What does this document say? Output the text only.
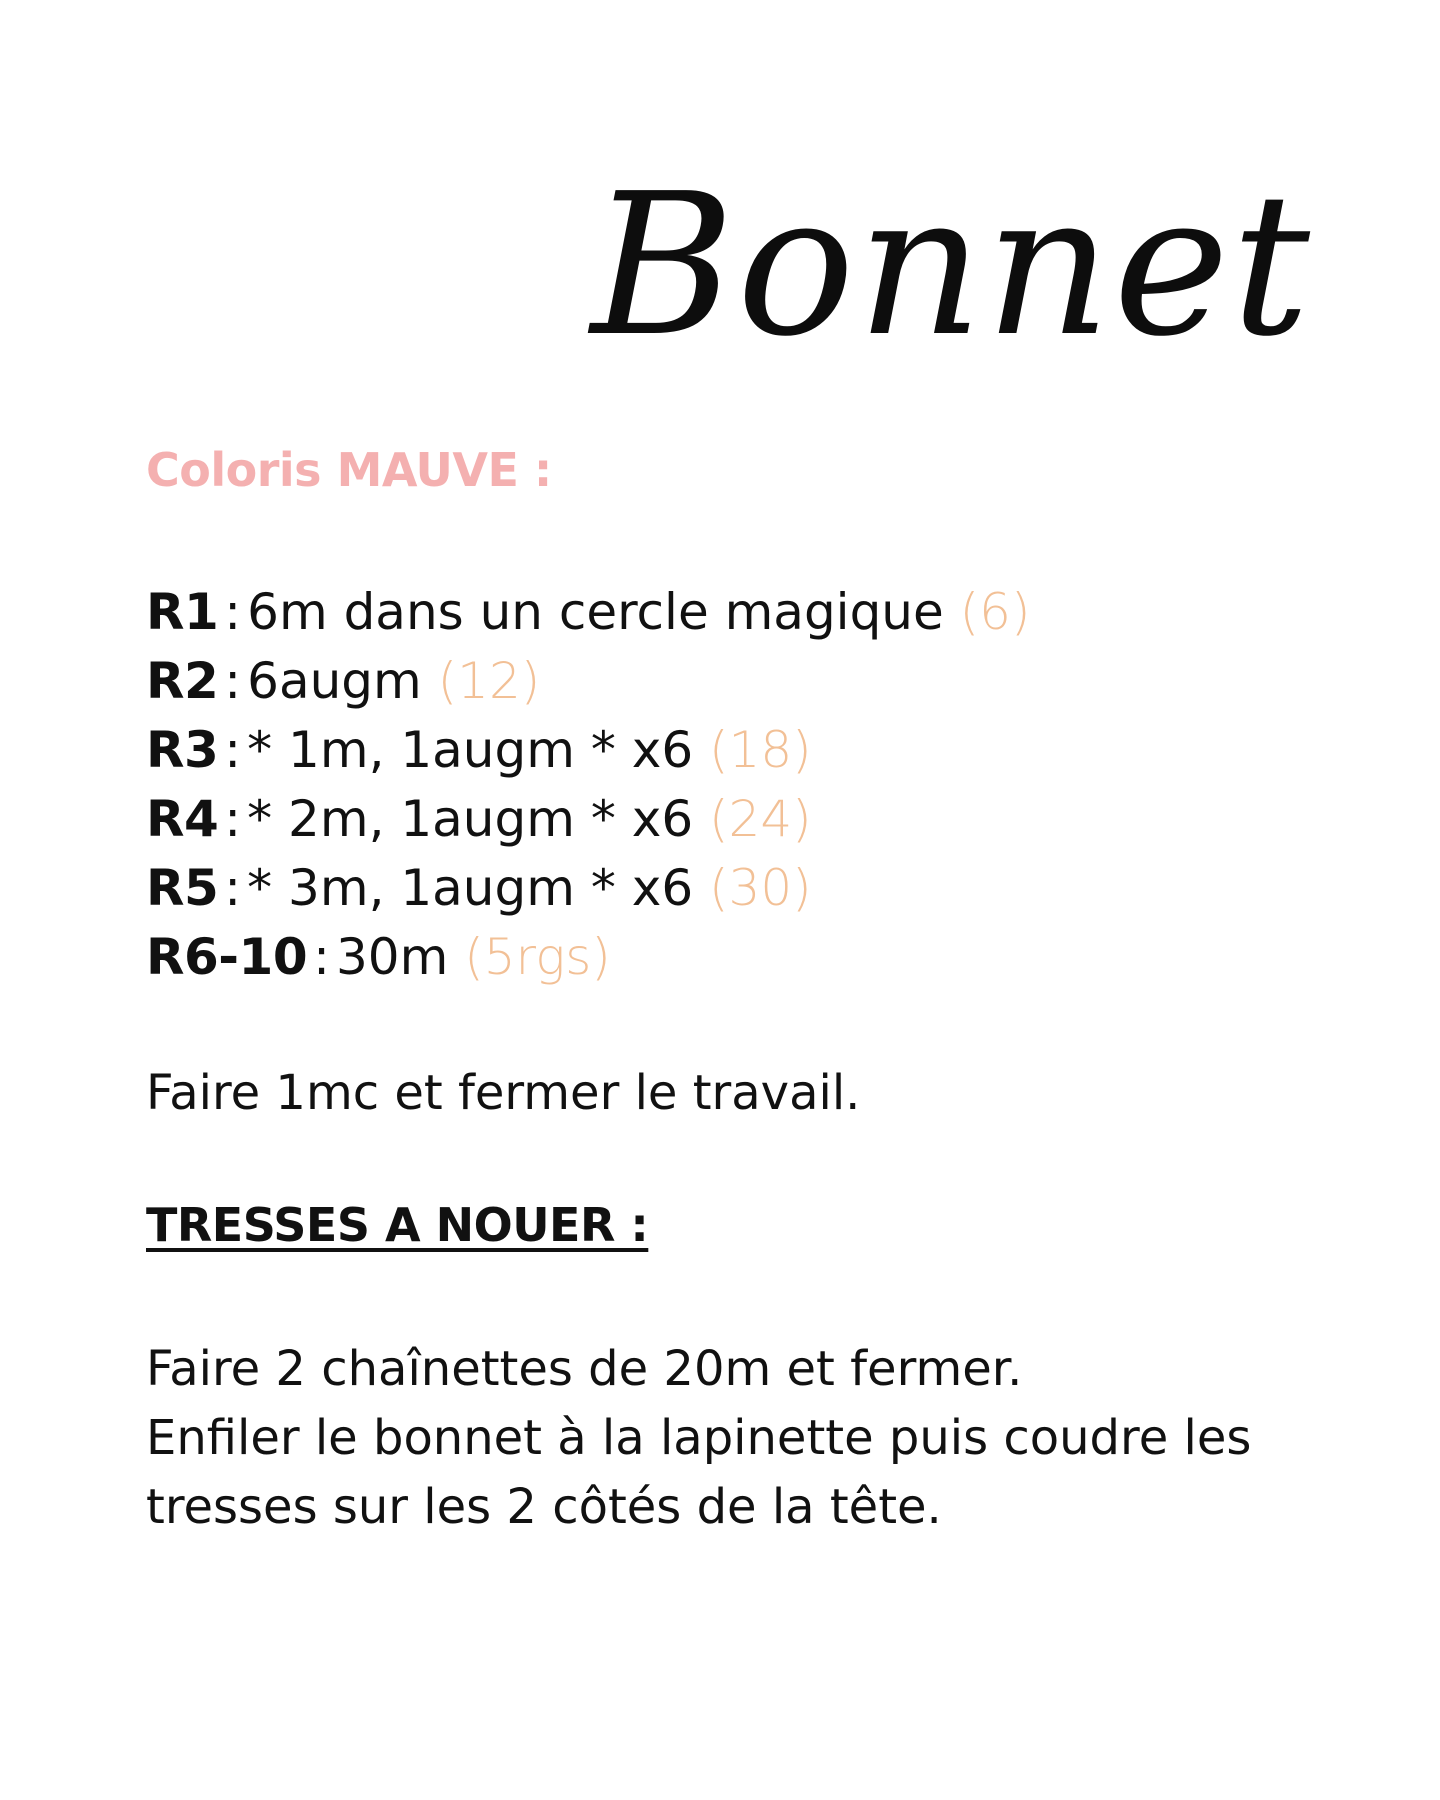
Bonnet

Coloris MAUVE :

R1 : 6m dans un cercle magique (6)
R2 : 6augm (12)
R3 : * 1m, 1augm * x6 (18)
R4 : * 2m, 1augm * x6 (24)
R5 : * 3m, 1augm * x6 (30)
R6-10 : 30m (5rgs)

Faire 1mc et fermer le travail.

TRESSES A NOUER :

Faire 2 chaînettes de 20m et fermer.

Enfiler le bonnet à la lapinette puis coudre les

tresses sur les 2 côtés de la tête.
